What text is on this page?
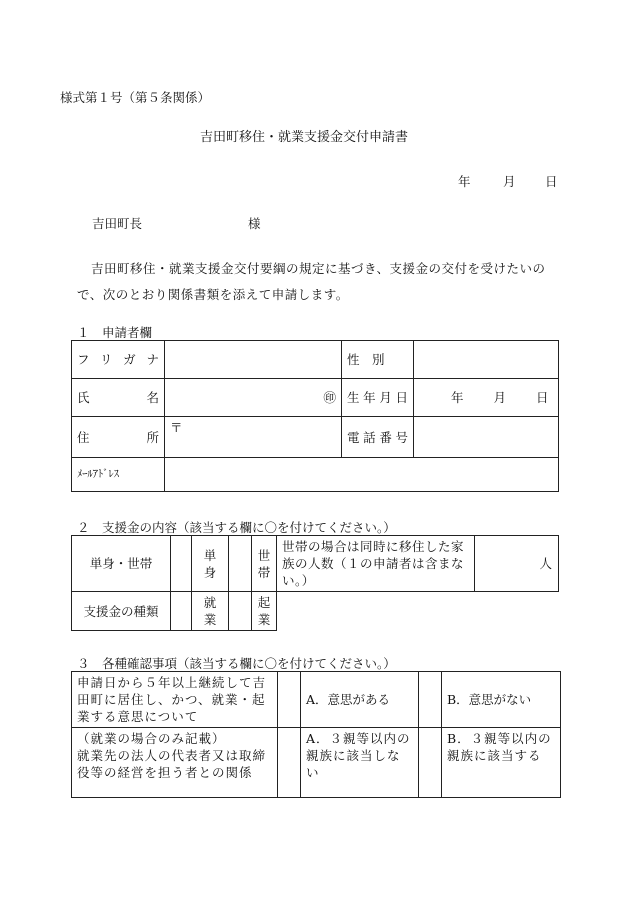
様式第１号（第５条関係）
吉田町移住・就業支援金交付申請書
年	月 日
吉田町長	様
吉田町移住・就業支援金交付要綱の規定に基づき、支援金の交付を受けたいので、次のとおり関係書類を添えて申請します。
１　申請者欄
フリガナ		性　別	
氏　名	㊞	生年月日	年 月 日
住　所	〒	電話番号	
ﾒｰﾙｱﾄﾞﾚｽ			
２　支援金の内容（該当する欄に〇を付けてください。）
単身・世帯		単身		世帯	世帯の場合は同時に移住した家族の人数（１の申請者は含まない。）	人
支援金の種類		就業		起業		
３　各種確認事項（該当する欄に〇を付けてください。）
申請日から５年以上継続して吉田町に居住し、かつ、就業・起業する意思について		A．意思がある		B．意思がない

（就業の場合のみ記載）
就業先の法人の代表者又は取締役等の経営を担う者との関係		A．３親等以内の親族に該当しない		B．３親等以内の親族に該当する
